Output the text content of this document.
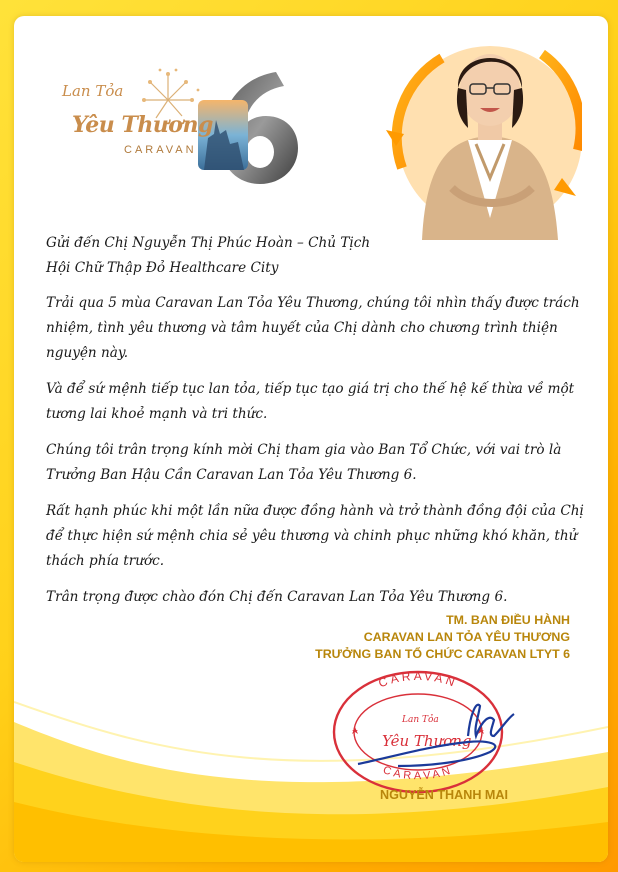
Lan Tỏa
Yêu Thương
CARAVAN
Gửi đến Chị Nguyễn Thị Phúc Hoàn – Chủ Tịch
Hội Chữ Thập Đỏ Healthcare City

Trải qua 5 mùa Caravan Lan Tỏa Yêu Thương, chúng tôi nhìn thấy được trách nhiệm, tình yêu thương và tâm huyết của Chị dành cho chương trình thiện nguyện này.

Và để sứ mệnh tiếp tục lan tỏa, tiếp tục tạo giá trị cho thế hệ kế thừa về một tương lai khoẻ mạnh và tri thức.

Chúng tôi trân trọng kính mời Chị tham gia vào Ban Tổ Chức, với vai trò là Trưởng Ban Hậu Cần Caravan Lan Tỏa Yêu Thương 6.

Rất hạnh phúc khi một lần nữa được đồng hành và trở thành đồng đội của Chị để thực hiện sứ mệnh chia sẻ yêu thương và chinh phục những khó khăn, thử thách phía trước.

Trân trọng được chào đón Chị đến Caravan Lan Tỏa Yêu Thương 6.

TM. BAN ĐIỀU HÀNH
CARAVAN LAN TỎA YÊU THƯƠNG
TRƯỞNG BAN TỔ CHỨC CARAVAN LTYT 6
CARAVAN
CARAVAN
Lan Tỏa
Yêu Thương
NGUYỄN THANH MAI
